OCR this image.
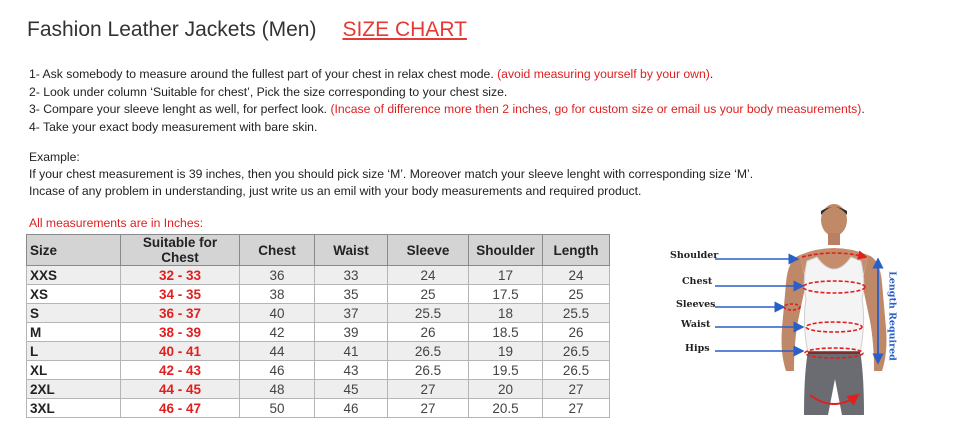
Fashion Leather Jackets (Men) SIZE CHART
1- Ask somebody to measure around the fullest part of your chest in relax chest mode. (avoid measuring yourself by your own).
2- Look under column ‘Suitable for chest’, Pick the size corresponding to your chest size.
3- Compare your sleeve lenght as well, for perfect look. (Incase of difference more then 2 inches, go for custom size or email us your body measurements).
4- Take your exact body measurement with bare skin.
Example:
If your chest measurement is 39 inches, then you should pick size ‘M’. Moreover match your sleeve lenght with corresponding size ‘M’.
Incase of any problem in understanding, just write us an emil with your body measurements and required product.
All measurements are in Inches:
Size	Suitable for Chest	Chest	Waist	Sleeve	Shoulder	Length
XXS	32 - 33	36	33	24	17	24
XS	34 - 35	38	35	25	17.5	25
S	36 - 37	40	37	25.5	18	25.5
M	38 - 39	42	39	26	18.5	26
L	40 - 41	44	41	26.5	19	26.5
XL	42 - 43	46	43	26.5	19.5	26.5
2XL	44 - 45	48	45	27	20	27
3XL	46 - 47	50	46	27	20.5	27
Shoulder
Chest
Sleeves
Waist
Hips	Length Required
